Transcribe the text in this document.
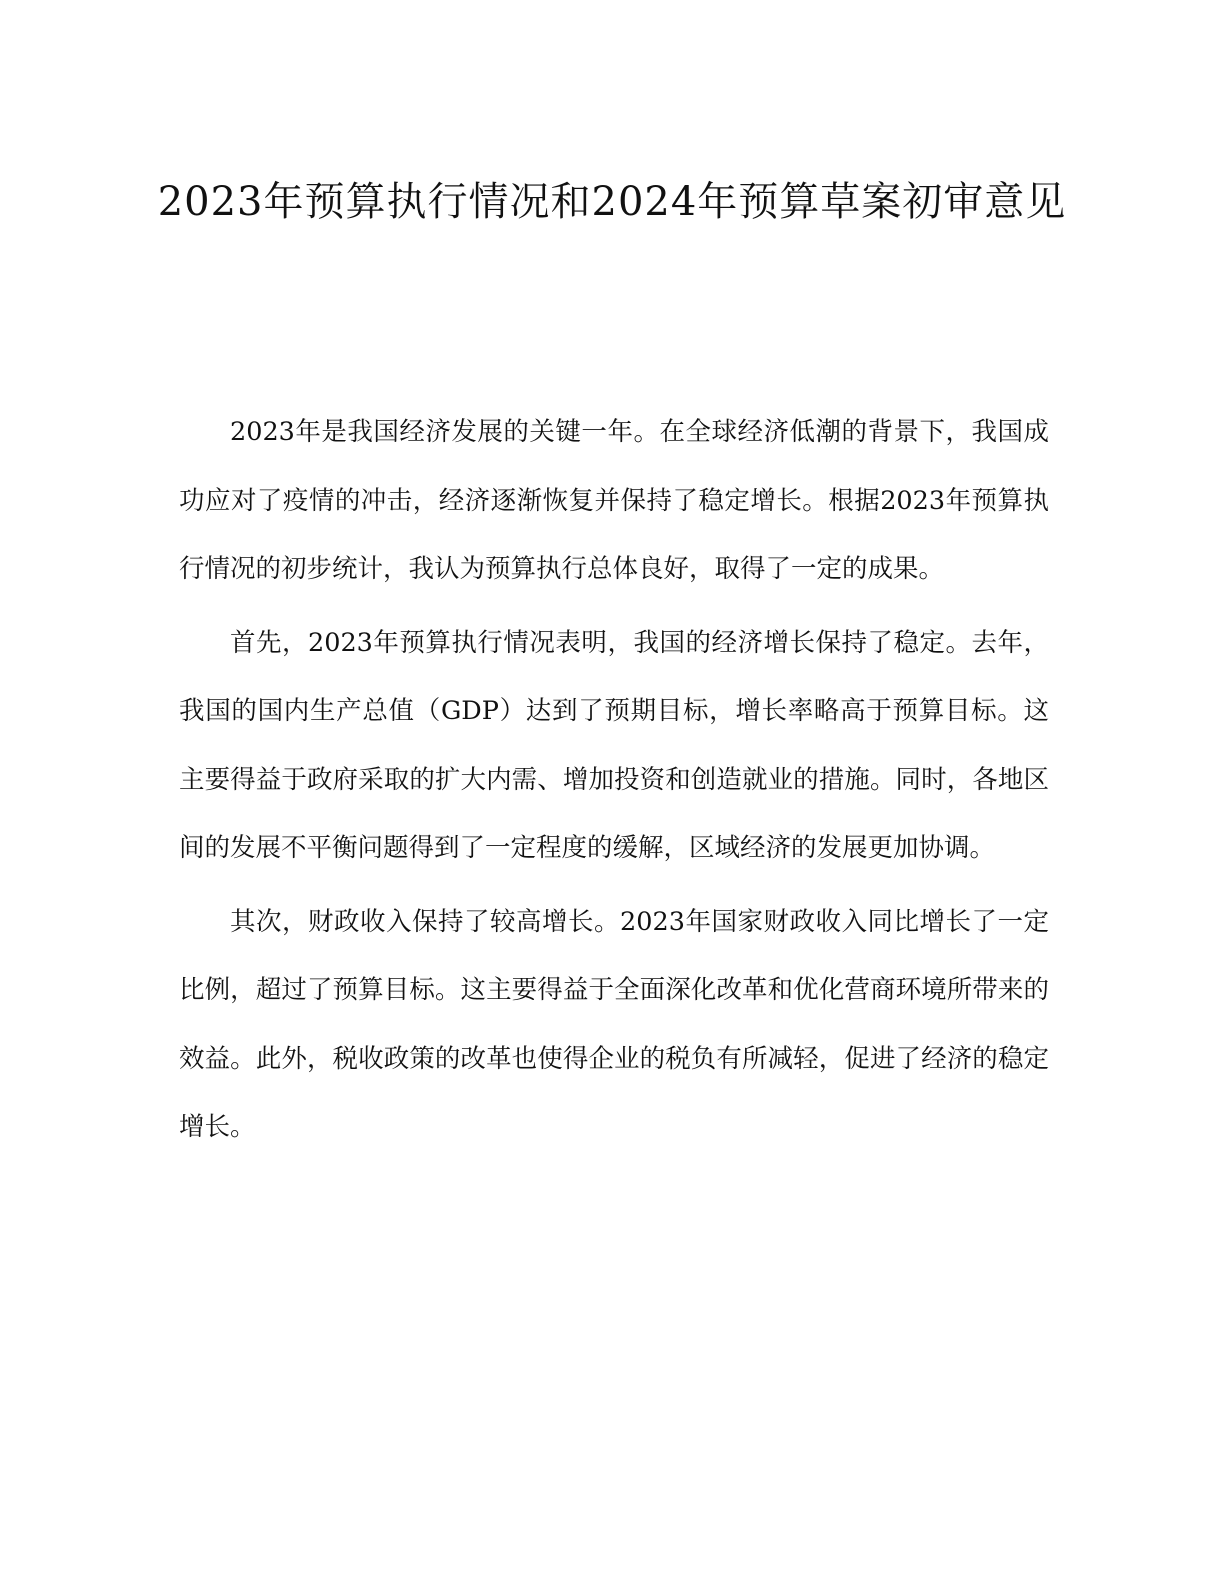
2023年预算执行情况和2024年预算草案初审意见

2023年是我国经济发展的关键一年。在全球经济低潮的背景下，我国成功应对了疫情的冲击，经济逐渐恢复并保持了稳定增长。根据2023年预算执行情况的初步统计，我认为预算执行总体良好，取得了一定的成果。

首先，2023年预算执行情况表明，我国的经济增长保持了稳定。去年，我国的国内生产总值（GDP）达到了预期目标，增长率略高于预算目标。这主要得益于政府采取的扩大内需、增加投资和创造就业的措施。同时，各地区间的发展不平衡问题得到了一定程度的缓解，区域经济的发展更加协调。

其次，财政收入保持了较高增长。2023年国家财政收入同比增长了一定比例，超过了预算目标。这主要得益于全面深化改革和优化营商环境所带来的效益。此外，税收政策的改革也使得企业的税负有所减轻，促进了经济的稳定增长。
